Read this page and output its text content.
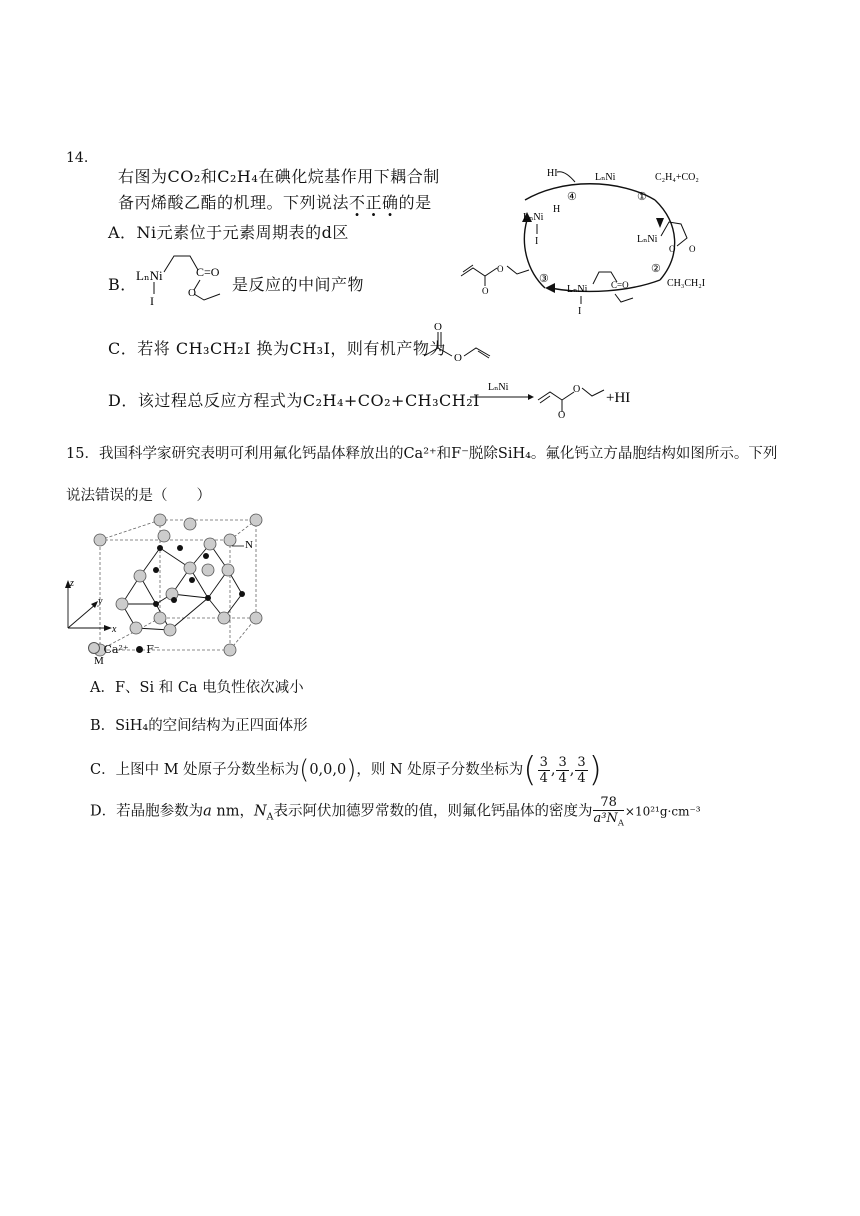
14.
右图为CO₂和C₂H₄在碘化烷基作用下耦合制
备丙烯酸乙酯的机理。下列说法不正确的是
A．Ni元素位于元素周期表的d区
B． LₙNi
I
C=O
O 是反应的中间产物
C．若将 CH₃CH₂I 换为CH₃I，则有机产物为
O
O
D．该过程总反应方程式为C₂H₄+CO₂+CH₃CH₂I
LₙNi
O
O
+HI
LₙNi
HI
④
C₂H₄+CO₂
①
LₙNi
H
I	LₙNi
O O
②
CH₃CH₂I
LₙNi
I
C=O
③
O
O
15．我国科学家研究表明可利用氟化钙晶体释放出的Ca²⁺和F⁻脱除SiH₄。氟化钙立方晶胞结构如图所示。下列
说法错误的是（　　）
N
M
z
y
x
Ca²⁺ F⁻
A．F、Si 和 Ca 电负性依次减小
B．SiH₄的空间结构为正四面体形
C．上图中 M 处原子分数坐标为(0,0,0)，则 N 处原子分数坐标为( $\frac{3}{4}$ , $\frac{3}{4}$ , $\frac{3}{4}$ )
D．若晶胞参数为a nm，$N_A$表示阿伏加德罗常数的值，则氟化钙晶体的密度为 $\frac{78}{a^3N_A} \times 10^{21}g\cdot cm^{-3}$
